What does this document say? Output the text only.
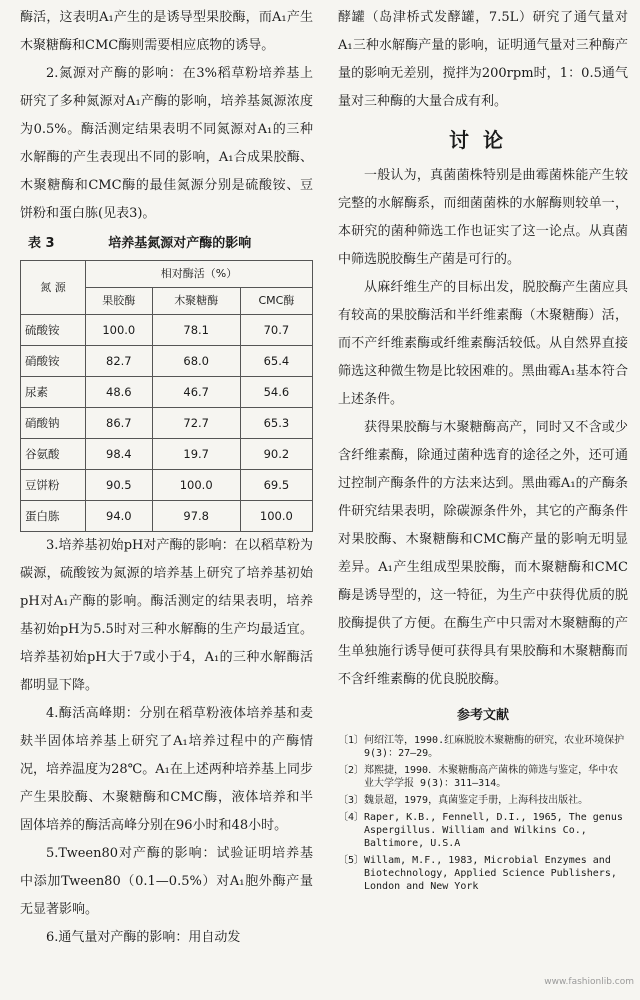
酶活，这表明A₁产生的是诱导型果胶酶，而A₁产生木聚糖酶和CMC酶则需要相应底物的诱导。

2.氮源对产酶的影响：在3%稻草粉培养基上研究了多种氮源对A₁产酶的影响，培养基氮源浓度为0.5%。酶活测定结果表明不同氮源对A₁的三种水解酶的产生表现出不同的影响，A₁合成果胶酶、木聚糖酶和CMC酶的最佳氮源分别是硫酸铵、豆饼粉和蛋白胨(见表3)。

表 3	培养基氮源对产酶的影响
氮 源	相对酶活（%）		
	果胶酶	木聚糖酶	CMC酶
硫酸铵	100.0	78.1	70.7
硝酸铵	82.7	68.0	65.4
尿素	48.6	46.7	54.6
硝酸钠	86.7	72.7	65.3
谷氨酸	98.4	19.7	90.2
豆饼粉	90.5	100.0	69.5
蛋白胨	94.0	97.8	100.0

3.培养基初始pH对产酶的影响：在以稻草粉为碳源，硫酸铵为氮源的培养基上研究了培养基初始pH对A₁产酶的影响。酶活测定的结果表明，培养基初始pH为5.5时对三种水解酶的生产均最适宜。培养基初始pH大于7或小于4，A₁的三种水解酶活都明显下降。

4.酶活高峰期：分别在稻草粉液体培养基和麦麸半固体培养基上研究了A₁培养过程中的产酶情况，培养温度为28℃。A₁在上述两种培养基上同步产生果胶酶、木聚糖酶和CMC酶，液体培养和半固体培养的酶活高峰分别在96小时和48小时。

5.Tween80对产酶的影响：试验证明培养基中添加Tween80（0.1—0.5%）对A₁胞外酶产量无显著影响。

6.通气量对产酶的影响：用自动发

酵罐（岛津桥式发酵罐，7.5L）研究了通气量对A₁三种水解酶产量的影响，证明通气量对三种酶产量的影响无差别，搅拌为200rpm时，1：0.5通气量对三种酶的大量合成有利。

讨论

一般认为，真菌菌株特别是曲霉菌株能产生较完整的水解酶系，而细菌菌株的水解酶则较单一，本研究的菌种筛选工作也证实了这一论点。从真菌中筛选脱胶酶生产菌是可行的。

从麻纤维生产的目标出发，脱胶酶产生菌应具有较高的果胶酶活和半纤维素酶（木聚糖酶）活，而不产纤维素酶或纤维素酶活较低。从自然界直接筛选这种微生物是比较困难的。黑曲霉A₁基本符合上述条件。

获得果胶酶与木聚糖酶高产，同时又不含或少含纤维素酶，除通过菌种选育的途径之外，还可通过控制产酶条件的方法来达到。黑曲霉A₁的产酶条件研究结果表明，除碳源条件外，其它的产酶条件对果胶酶、木聚糖酶和CMC酶产量的影响无明显差异。A₁产生组成型果胶酶，而木聚糖酶和CMC酶是诱导型的，这一特征，为生产中获得优质的脱胶酶提供了方便。在酶生产中只需对木聚糖酶的产生单独施行诱导便可获得具有果胶酶和木聚糖酶而不含纤维素酶的优良脱胶酶。

参考文献
〔1〕 何绍江等，1990.红麻脱胶木聚糖酶的研究，农业环境保护 9(3)：27—29。
〔2〕 郑熙捷，1990．木聚糖酶高产菌株的筛选与鉴定，华中农业大学学报 9(3)：311—314。
〔3〕 魏景超，1979，真菌鉴定手册，上海科技出版社。
〔4〕 Raper, K.B., Fennell, D.I., 1965, The genus Aspergillus. William and Wilkins Co., Baltimore, U.S.A
〔5〕 Willam, M.F., 1983, Microbial Enzymes and Biotechnology, Applied Science Publishers, London and New York
www.fashionlib.com
